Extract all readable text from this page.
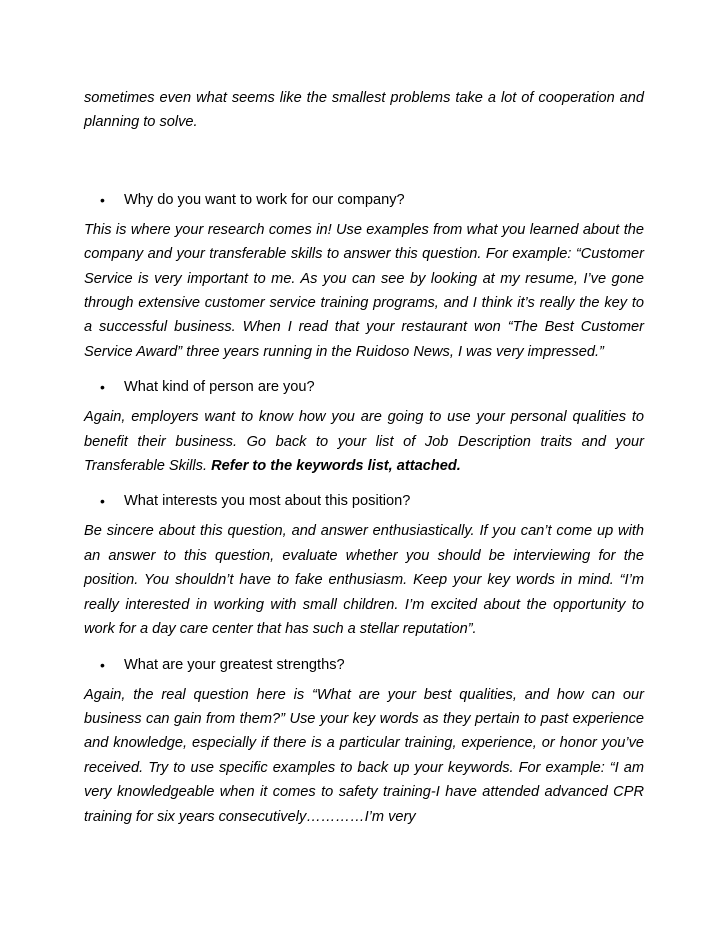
sometimes even what seems like the smallest problems take a lot of cooperation and planning to solve.

•	Why do you want to work for our company?

This is where your research comes in! Use examples from what you learned about the company and your transferable skills to answer this question. For example: “Customer Service is very important to me. As you can see by looking at my resume, I’ve gone through extensive customer service training programs, and I think it’s really the key to a successful business. When I read that your restaurant won “The Best Customer Service Award” three years running in the Ruidoso News, I was very impressed.”

•	What kind of person are you?

Again, employers want to know how you are going to use your personal qualities to benefit their business. Go back to your list of Job Description traits and your Transferable Skills. Refer to the keywords list, attached.

•	What interests you most about this position?

Be sincere about this question, and answer enthusiastically. If you can’t come up with an answer to this question, evaluate whether you should be interviewing for the position. You shouldn’t have to fake enthusiasm. Keep your key words in mind. “I’m really interested in working with small children. I’m excited about the opportunity to work for a day care center that has such a stellar reputation”.

•	What are your greatest strengths?

Again, the real question here is “What are your best qualities, and how can our business can gain from them?” Use your key words as they pertain to past experience and knowledge, especially if there is a particular training, experience, or honor you’ve received. Try to use specific examples to back up your keywords. For example: “I am very knowledgeable when it comes to safety training-I have attended advanced CPR training for six years consecutively…………I’m very
